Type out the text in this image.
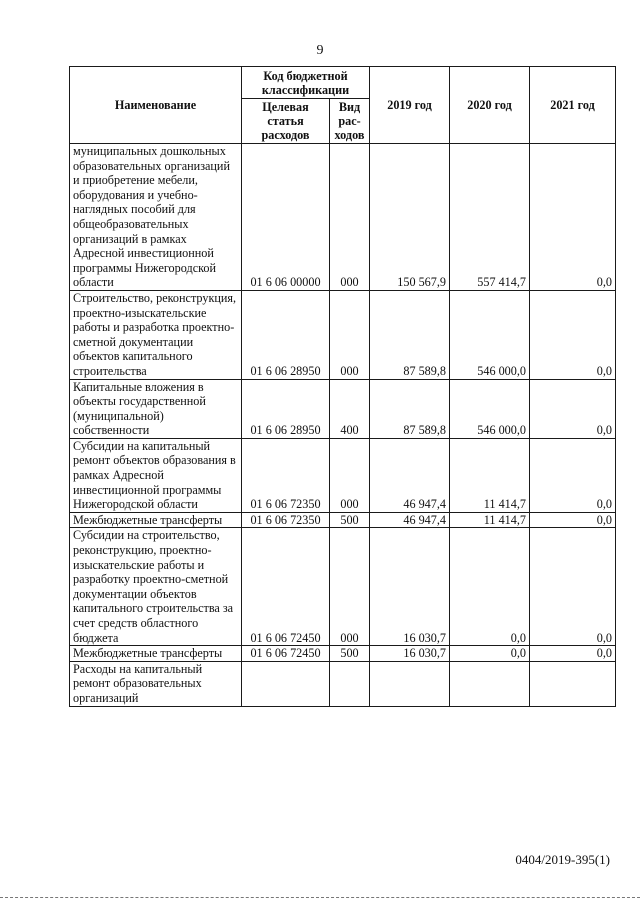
9
Наименование	Код бюджетной классификации		2019 год	2020 год	2021 год
	Целевая статья расходов	Вид рас-ходов			
муниципальных дошкольных образовательных организаций и приобретение мебели, оборудования и учебно-наглядных пособий для общеобразовательных организаций в рамках Адресной инвестиционной программы Нижегородской области	01 6 06 00000	000	150 567,9	557 414,7	0,0
Строительство, реконструкция, проектно-изыскательские работы и разработка проектно-сметной документации объектов капитального строительства	01 6 06 28950	000	87 589,8	546 000,0	0,0
Капитальные вложения в объекты государственной (муниципальной) собственности	01 6 06 28950	400	87 589,8	546 000,0	0,0
Субсидии на капитальный ремонт объектов образования в рамках Адресной инвестиционной программы Нижегородской области	01 6 06 72350	000	46 947,4	11 414,7	0,0
Межбюджетные трансферты	01 6 06 72350	500	46 947,4	11 414,7	0,0
Субсидии на строительство, реконструкцию, проектно-изыскательские работы и разработку проектно-сметной документации объектов капитального строительства за счет средств областного бюджета	01 6 06 72450	000	16 030,7	0,0	0,0
Межбюджетные трансферты	01 6 06 72450	500	16 030,7	0,0	0,0
Расходы на капитальный ремонт образовательных организаций					
0404/2019-395(1)
